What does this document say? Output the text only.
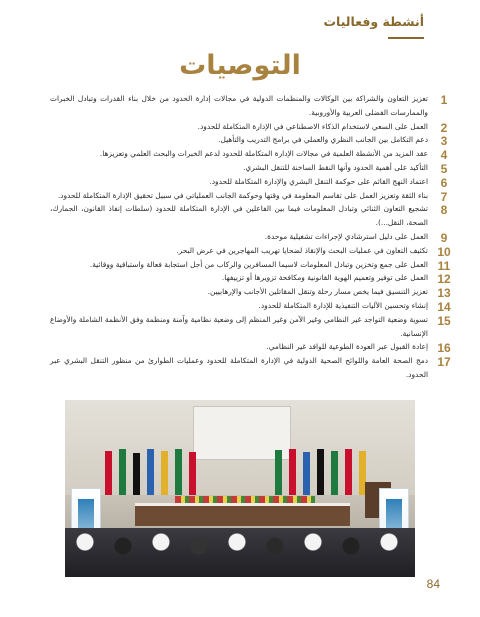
أنشطة وفعاليات
التوصيات
1
تعزيز التعاون والشراكة بين الوكالات والمنظمات الدولية في مجالات إدارة الحدود من خلال بناء القدرات وتبادل الخبرات والممارسات الفضلى العربية والأوروبية.
2
العمل على السعي لاستخدام الذكاء الاصطناعي في الإدارة المتكاملة للحدود.
3
دعم التكامل بين الجانب النظري والعملي في برامج التدريب والتأهيل.
4
عقد المزيد من الأنشطة العلمية في مجالات الإدارة المتكاملة للحدود لدعم الخبرات والبحث العلمي وتعزيزها.
5
التأكيد على أهمية الحدود وأنها النقط الساخنة للتنقل البشري.
6
اعتماد النهج القائم على حوكمة التنقل البشري والإدارة المتكاملة للحدود.
7
بناء الثقة وتعزيز العمل على تقاسم المعلومة في وقتها وحوكمة الجانب العملياتي في سبيل تحقيق الإدارة المتكاملة للحدود.
8
تشجيع التعاون الثنائي وتبادل المعلومات فيما بين الفاعلين في الإدارة المتكاملة للحدود (سلطات إنفاذ القانون، الجمارك، الصحة، النقل...).
9
العمل على دليل استرشادي لإجراءات تشغيلية موحدة.
10
تكثيف التعاون في عمليات البحث والإنقاذ لضحايا تهريب المهاجرين في عرض البحر.
11
العمل على جمع وتخزين وتبادل المعلومات لاسيما المسافرين والركاب من أجل استجابة فعالة واستباقية ووقائية.
12
العمل على توفير وتعميم الهوية القانونية ومكافحة تزويرها أو تزييفها.
13
تعزيز التنسيق فيما يخص مسار رحلة وتنقل المقاتلين الأجانب والإرهابيين.
14
إنشاء وتحسين الآليات التنفيذية للإدارة المتكاملة للحدود.
15
تسوية وضعية التواجد غير النظامي وغير الآمن وغير المنظم إلى وضعية نظامية وآمنة ومنظمة وفق الأنظمة الشاملة والأوضاع الإنسانية.
16
إعادة القبول عبر العودة الطوعية للوافد غير النظامي.
17
دمج الصحة العامة واللوائح الصحية الدولية في الإدارة المتكاملة للحدود وعمليات الطوارئ من منظور التنقل البشري عبر الحدود.
84
